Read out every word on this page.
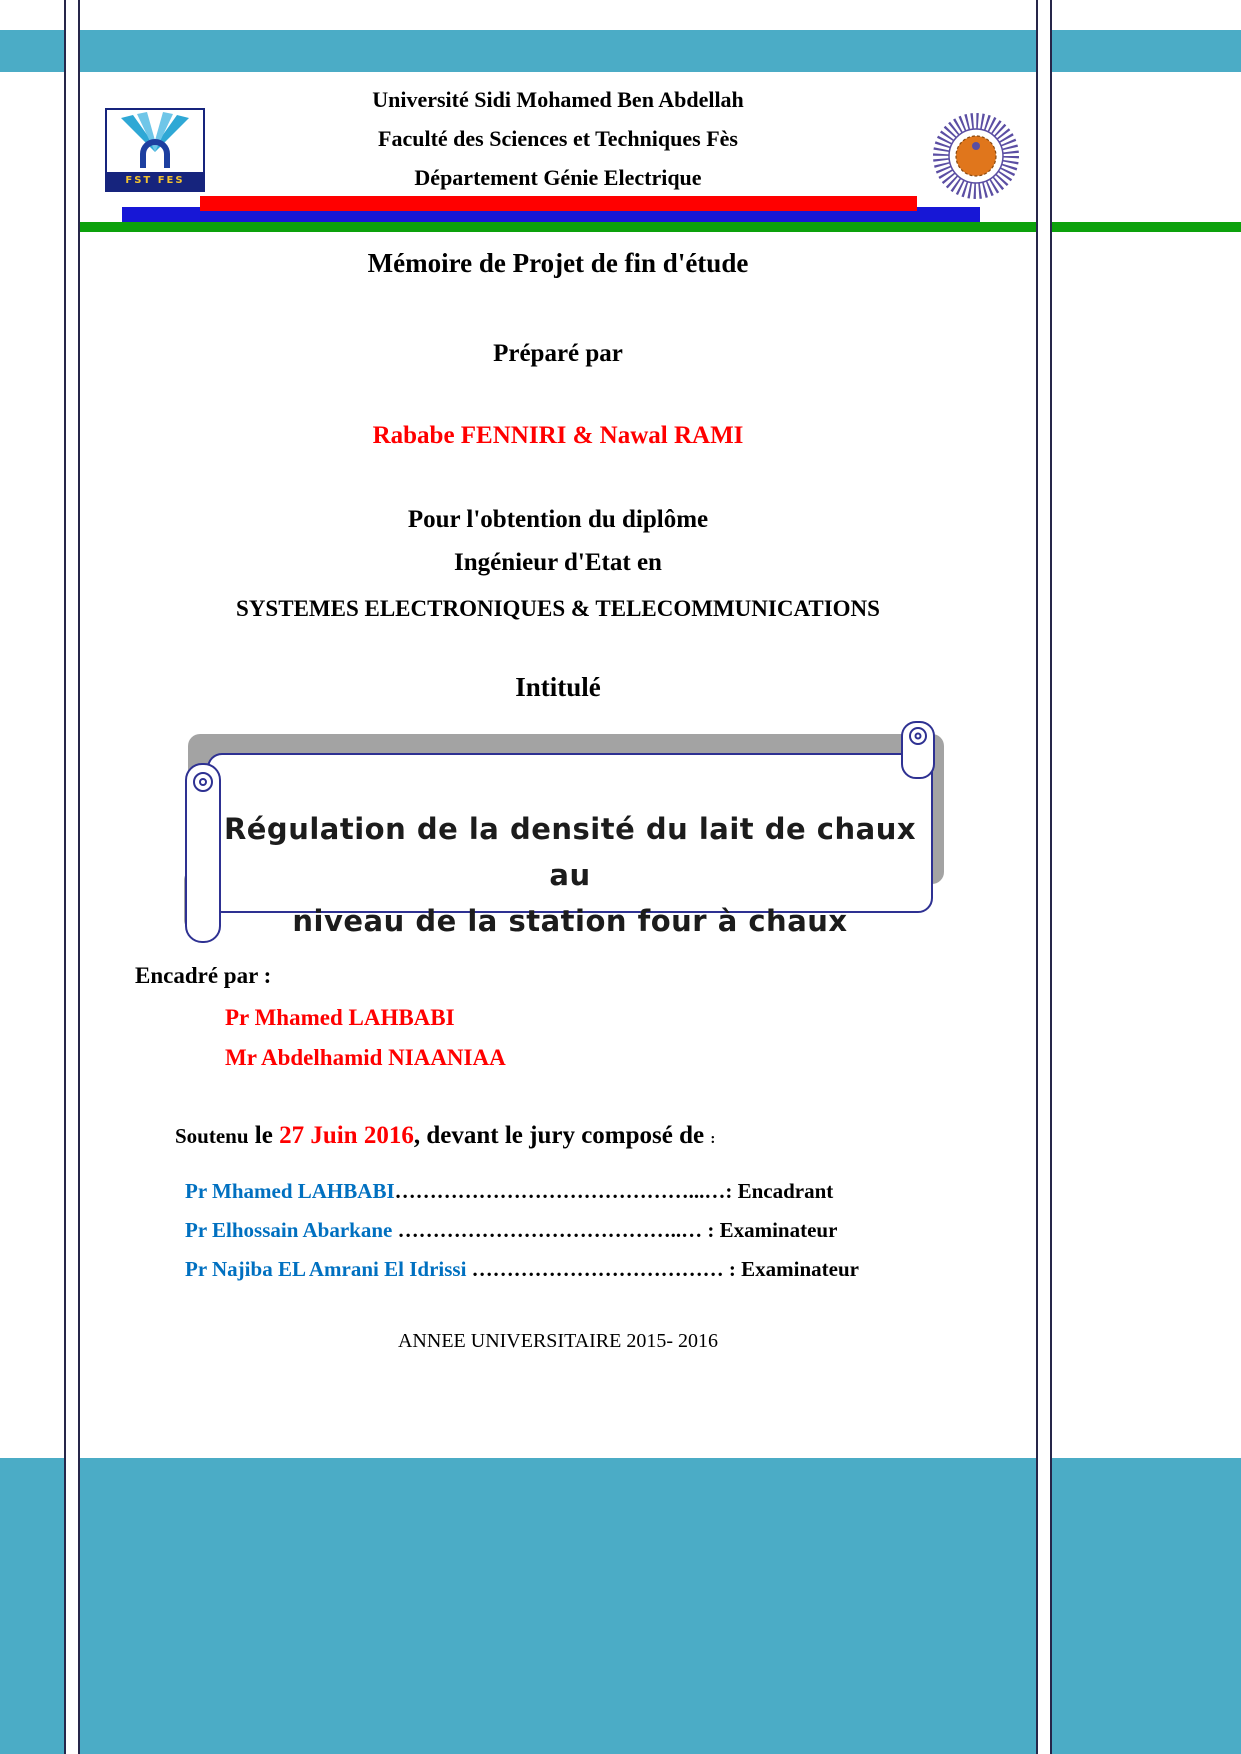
FST FES
Université Sidi Mohamed Ben Abdellah
Faculté des Sciences et Techniques Fès
Département Génie Electrique
Mémoire de Projet de fin d'étude
Préparé par
Rababe FENNIRI & Nawal RAMI
Pour l'obtention du diplôme
Ingénieur d'Etat en
SYSTEMES ELECTRONIQUES & TELECOMMUNICATIONS
Intitulé
Régulation de la densité du lait de chaux au
niveau de la station four à chaux
Encadré par :
Pr Mhamed LAHBABI
Mr Abdelhamid NIAANIAA
Soutenu le 27 Juin 2016, devant le jury composé de :
Pr Mhamed LAHBABI……………………………………...…: Encadrant
Pr Elhossain Abarkane …………………………………..… : Examinateur
Pr Najiba EL Amrani El Idrissi ……………………………… : Examinateur
ANNEE UNIVERSITAIRE 2015- 2016
